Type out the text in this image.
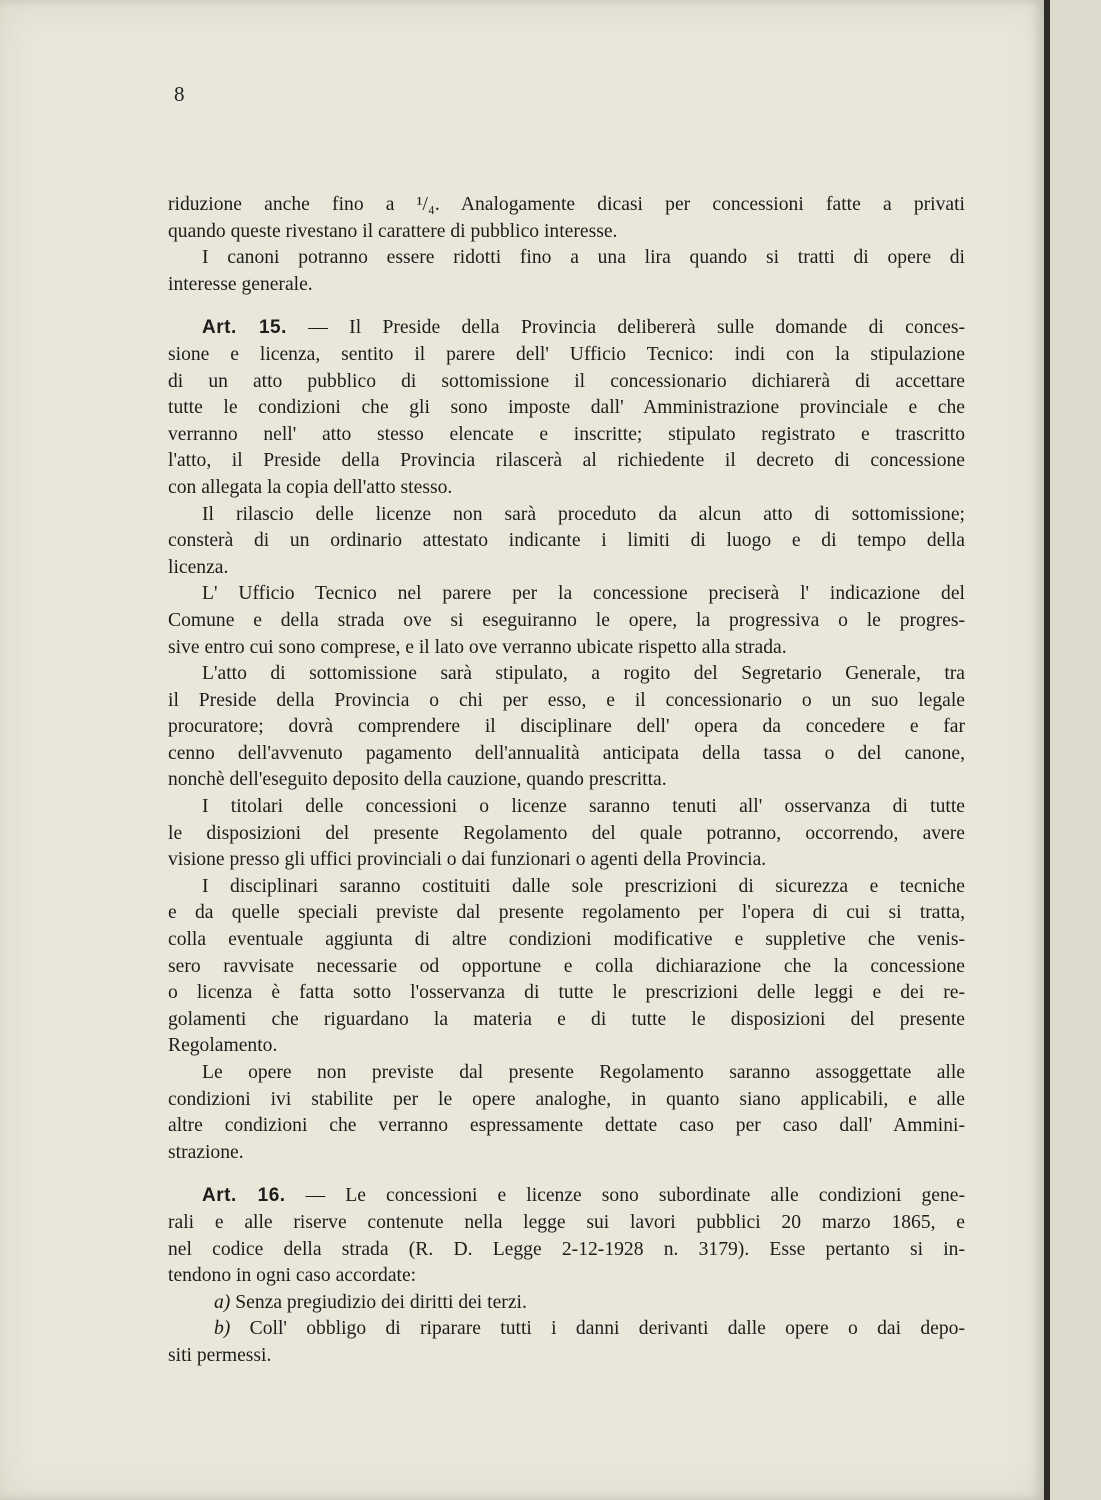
8
riduzione anche fino a ¹/₄. Analogamente dicasi per concessioni fatte a privati
quando queste rivestano il carattere di pubblico interesse.
I canoni potranno essere ridotti fino a una lira quando si tratti di opere di
interesse generale.
Art. 15. — Il Preside della Provincia delibererà sulle domande di conces-
sione e licenza, sentito il parere dell' Ufficio Tecnico: indi con la stipulazione
di un atto pubblico di sottomissione il concessionario dichiarerà di accettare
tutte le condizioni che gli sono imposte dall' Amministrazione provinciale e che
verranno nell' atto stesso elencate e inscritte; stipulato registrato e trascritto
l'atto, il Preside della Provincia rilascerà al richiedente il decreto di concessione
con allegata la copia dell'atto stesso.
Il rilascio delle licenze non sarà proceduto da alcun atto di sottomissione;
consterà di un ordinario attestato indicante i limiti di luogo e di tempo della
licenza.
L' Ufficio Tecnico nel parere per la concessione preciserà l' indicazione del
Comune e della strada ove si eseguiranno le opere, la progressiva o le progres-
sive entro cui sono comprese, e il lato ove verranno ubicate rispetto alla strada.
L'atto di sottomissione sarà stipulato, a rogito del Segretario Generale, tra
il Preside della Provincia o chi per esso, e il concessionario o un suo legale
procuratore; dovrà comprendere il disciplinare dell' opera da concedere e far
cenno dell'avvenuto pagamento dell'annualità anticipata della tassa o del canone,
nonchè dell'eseguito deposito della cauzione, quando prescritta.
I titolari delle concessioni o licenze saranno tenuti all' osservanza di tutte
le disposizioni del presente Regolamento del quale potranno, occorrendo, avere
visione presso gli uffici provinciali o dai funzionari o agenti della Provincia.
I disciplinari saranno costituiti dalle sole prescrizioni di sicurezza e tecniche
e da quelle speciali previste dal presente regolamento per l'opera di cui si tratta,
colla eventuale aggiunta di altre condizioni modificative e suppletive che venis-
sero ravvisate necessarie od opportune e colla dichiarazione che la concessione
o licenza è fatta sotto l'osservanza di tutte le prescrizioni delle leggi e dei re-
golamenti che riguardano la materia e di tutte le disposizioni del presente
Regolamento.
Le opere non previste dal presente Regolamento saranno assoggettate alle
condizioni ivi stabilite per le opere analoghe, in quanto siano applicabili, e alle
altre condizioni che verranno espressamente dettate caso per caso dall' Ammini-
strazione.
Art. 16. — Le concessioni e licenze sono subordinate alle condizioni gene-
rali e alle riserve contenute nella legge sui lavori pubblici 20 marzo 1865, e
nel codice della strada (R. D. Legge 2-12-1928 n. 3179). Esse pertanto si in-
tendono in ogni caso accordate:
a) Senza pregiudizio dei diritti dei terzi.
b) Coll' obbligo di riparare tutti i danni derivanti dalle opere o dai depo-
siti permessi.
